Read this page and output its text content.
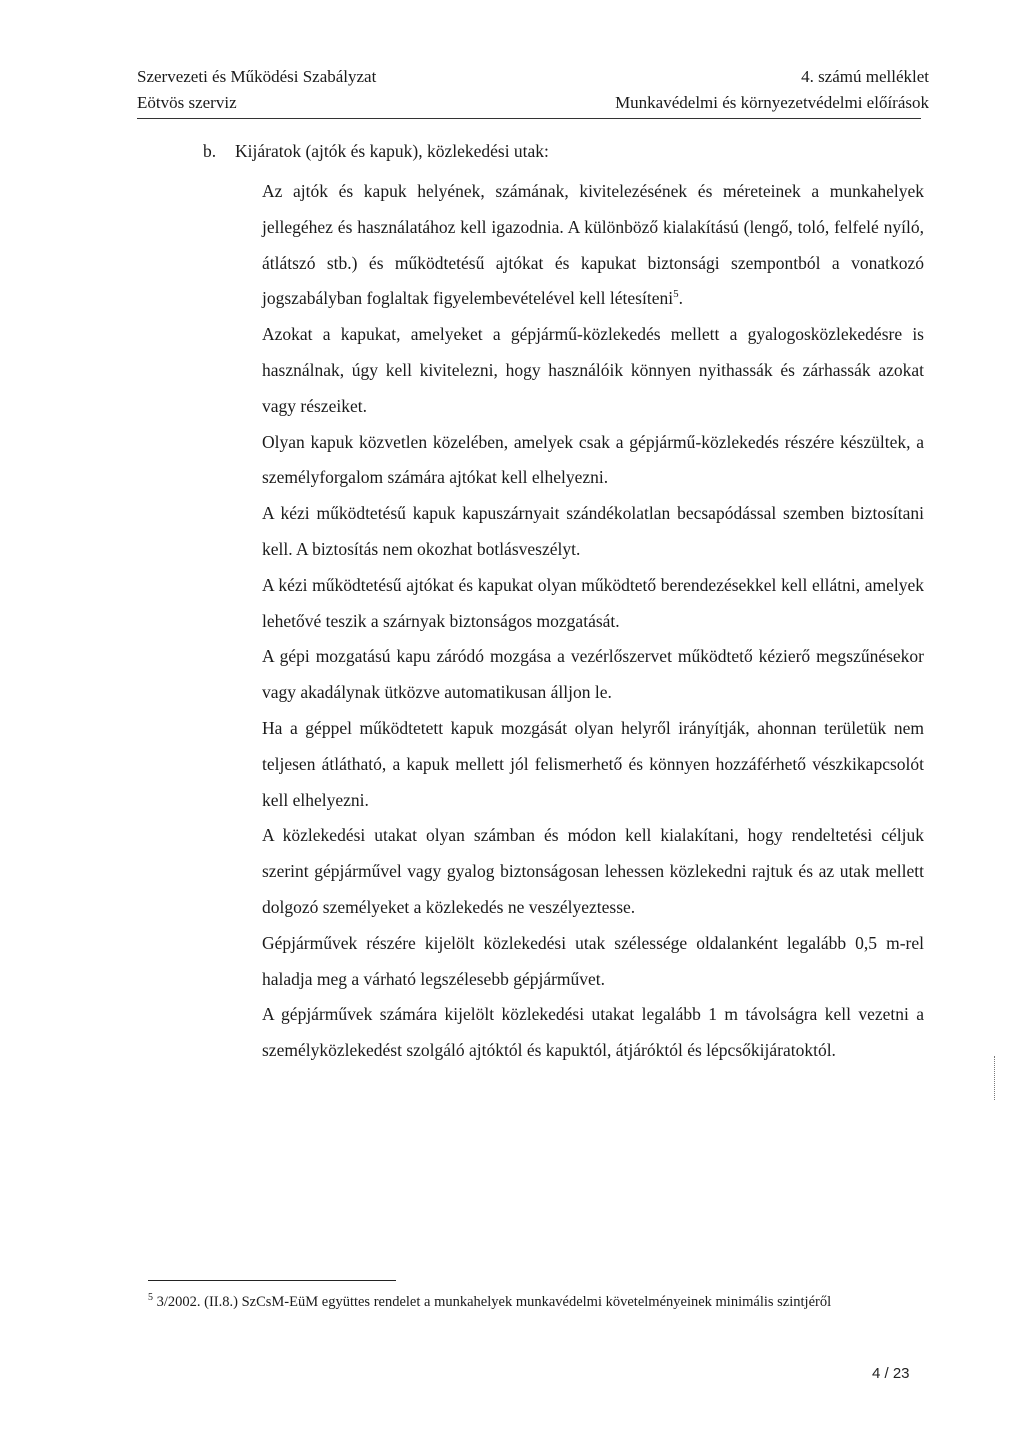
Szervezeti és Működési Szabályzat	4. számú melléklet
Eötvös szerviz	Munkavédelmi és környezetvédelmi előírások
b. Kijáratok (ajtók és kapuk), közlekedési utak:

Az ajtók és kapuk helyének, számának, kivitelezésének és méreteinek a munkahelyek jellegéhez és használatához kell igazodnia. A különböző kialakítású (lengő, toló, felfelé nyíló, átlátszó stb.) és működtetésű ajtókat és kapukat biztonsági szempontból a vonatkozó jogszabályban foglaltak figyelembevételével kell létesíteni$^5$.

Azokat a kapukat, amelyeket a gépjármű-közlekedés mellett a gyalogosközlekedésre is használnak, úgy kell kivitelezni, hogy használóik könnyen nyithassák és zárhassák azokat vagy részeiket.

Olyan kapuk közvetlen közelében, amelyek csak a gépjármű-közlekedés részére készültek, a személyforgalom számára ajtókat kell elhelyezni.

A kézi működtetésű kapuk kapuszárnyait szándékolatlan becsapódással szemben biztosítani kell. A biztosítás nem okozhat botlásveszélyt.

A kézi működtetésű ajtókat és kapukat olyan működtető berendezésekkel kell ellátni, amelyek lehetővé teszik a szárnyak biztonságos mozgatását.

A gépi mozgatású kapu záródó mozgása a vezérlőszervet működtető kézierő megszűnésekor vagy akadálynak ütközve automatikusan álljon le.

Ha a géppel működtetett kapuk mozgását olyan helyről irányítják, ahonnan területük nem teljesen átlátható, a kapuk mellett jól felismerhető és könnyen hozzáférhető vészkikapcsolót kell elhelyezni.

A közlekedési utakat olyan számban és módon kell kialakítani, hogy rendeltetési céljuk szerint gépjárművel vagy gyalog biztonságosan lehessen közlekedni rajtuk és az utak mellett dolgozó személyeket a közlekedés ne veszélyeztesse.

Gépjárművek részére kijelölt közlekedési utak szélessége oldalanként legalább 0,5 m-rel haladja meg a várható legszélesebb gépjárművet.

A gépjárművek számára kijelölt közlekedési utakat legalább 1 m távolságra kell vezetni a személyközlekedést szolgáló ajtóktól és kapuktól, átjáróktól és lépcsőkijáratoktól.

$^5$ 3/2002. (II.8.) SzCsM-EüM együttes rendelet a munkahelyek munkavédelmi követelményeinek minimális szintjéről
4 / 23
